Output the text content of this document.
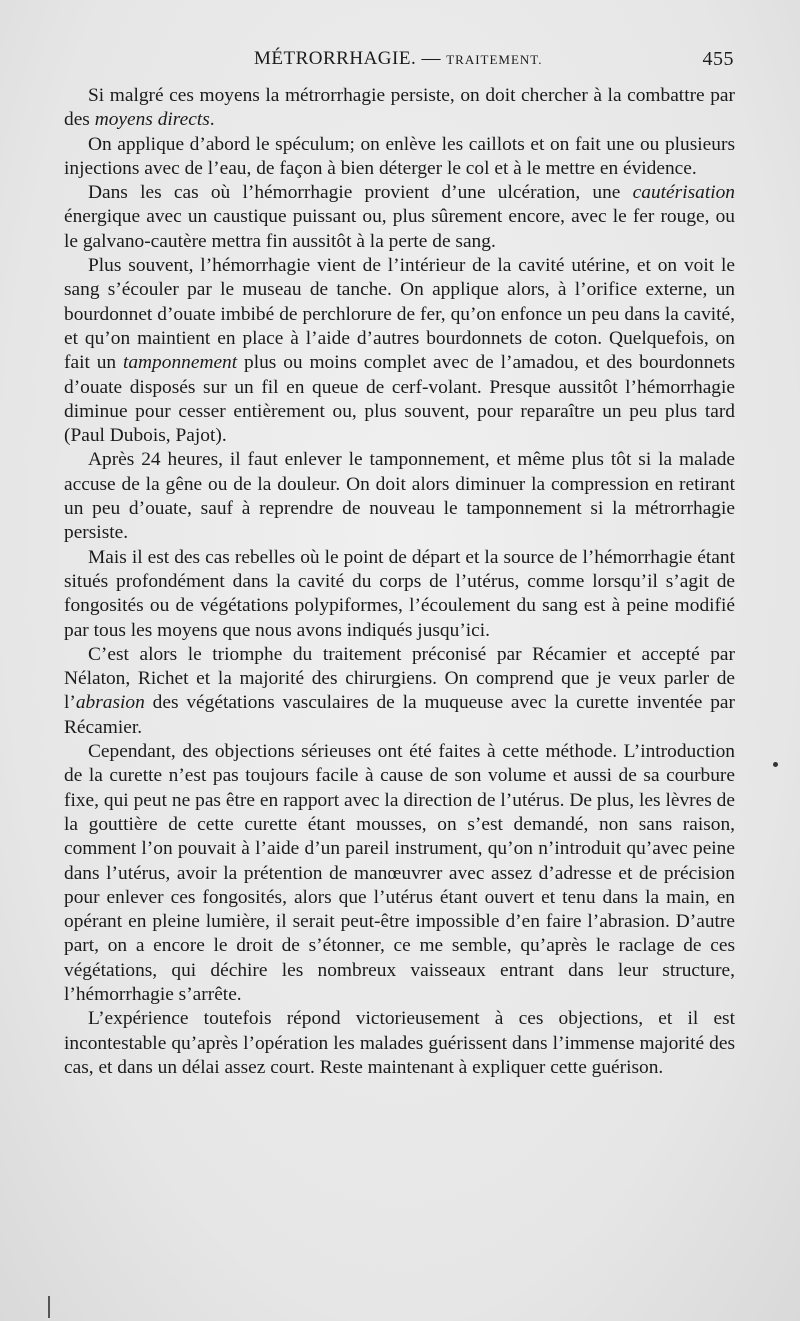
MÉTRORRHAGIE. — TRAITEMENT.	455

Si malgré ces moyens la métrorrhagie persiste, on doit chercher à la combattre par des moyens directs.

On applique d’abord le spéculum; on enlève les caillots et on fait une ou plusieurs injections avec de l’eau, de façon à bien déterger le col et à le mettre en évidence.

Dans les cas où l’hémorrhagie provient d’une ulcération, une cautérisation énergique avec un caustique puissant ou, plus sûrement encore, avec le fer rouge, ou le galvano-cautère mettra fin aussitôt à la perte de sang.

Plus souvent, l’hémorrhagie vient de l’intérieur de la cavité utérine, et on voit le sang s’écouler par le museau de tanche. On applique alors, à l’orifice externe, un bourdonnet d’ouate imbibé de perchlorure de fer, qu’on enfonce un peu dans la cavité, et qu’on maintient en place à l’aide d’autres bourdonnets de coton. Quelquefois, on fait un tamponnement plus ou moins complet avec de l’amadou, et des bourdonnets d’ouate disposés sur un fil en queue de cerf-volant. Presque aussitôt l’hémorrhagie diminue pour cesser entièrement ou, plus souvent, pour reparaître un peu plus tard (Paul Dubois, Pajot).

Après 24 heures, il faut enlever le tamponnement, et même plus tôt si la malade accuse de la gêne ou de la douleur. On doit alors diminuer la compression en retirant un peu d’ouate, sauf à reprendre de nouveau le tamponnement si la métrorrhagie persiste.

Mais il est des cas rebelles où le point de départ et la source de l’hémorrhagie étant situés profondément dans la cavité du corps de l’utérus, comme lorsqu’il s’agit de fongosités ou de végétations polypiformes, l’écoulement du sang est à peine modifié par tous les moyens que nous avons indiqués jusqu’ici.

C’est alors le triomphe du traitement préconisé par Récamier et accepté par Nélaton, Richet et la majorité des chirurgiens. On comprend que je veux parler de l’abrasion des végétations vasculaires de la muqueuse avec la curette inventée par Récamier.

Cependant, des objections sérieuses ont été faites à cette méthode. L’introduction de la curette n’est pas toujours facile à cause de son volume et aussi de sa courbure fixe, qui peut ne pas être en rapport avec la direction de l’utérus. De plus, les lèvres de la gouttière de cette curette étant mousses, on s’est demandé, non sans raison, comment l’on pouvait à l’aide d’un pareil instrument, qu’on n’introduit qu’avec peine dans l’utérus, avoir la prétention de manœuvrer avec assez d’adresse et de précision pour enlever ces fongosités, alors que l’utérus étant ouvert et tenu dans la main, en opérant en pleine lumière, il serait peut-être impossible d’en faire l’abrasion. D’autre part, on a encore le droit de s’étonner, ce me semble, qu’après le raclage de ces végétations, qui déchire les nombreux vaisseaux entrant dans leur structure, l’hémorrhagie s’arrête.

L’expérience toutefois répond victorieusement à ces objections, et il est incontestable qu’après l’opération les malades guérissent dans l’immense majorité des cas, et dans un délai assez court. Reste maintenant à expliquer cette guérison.
